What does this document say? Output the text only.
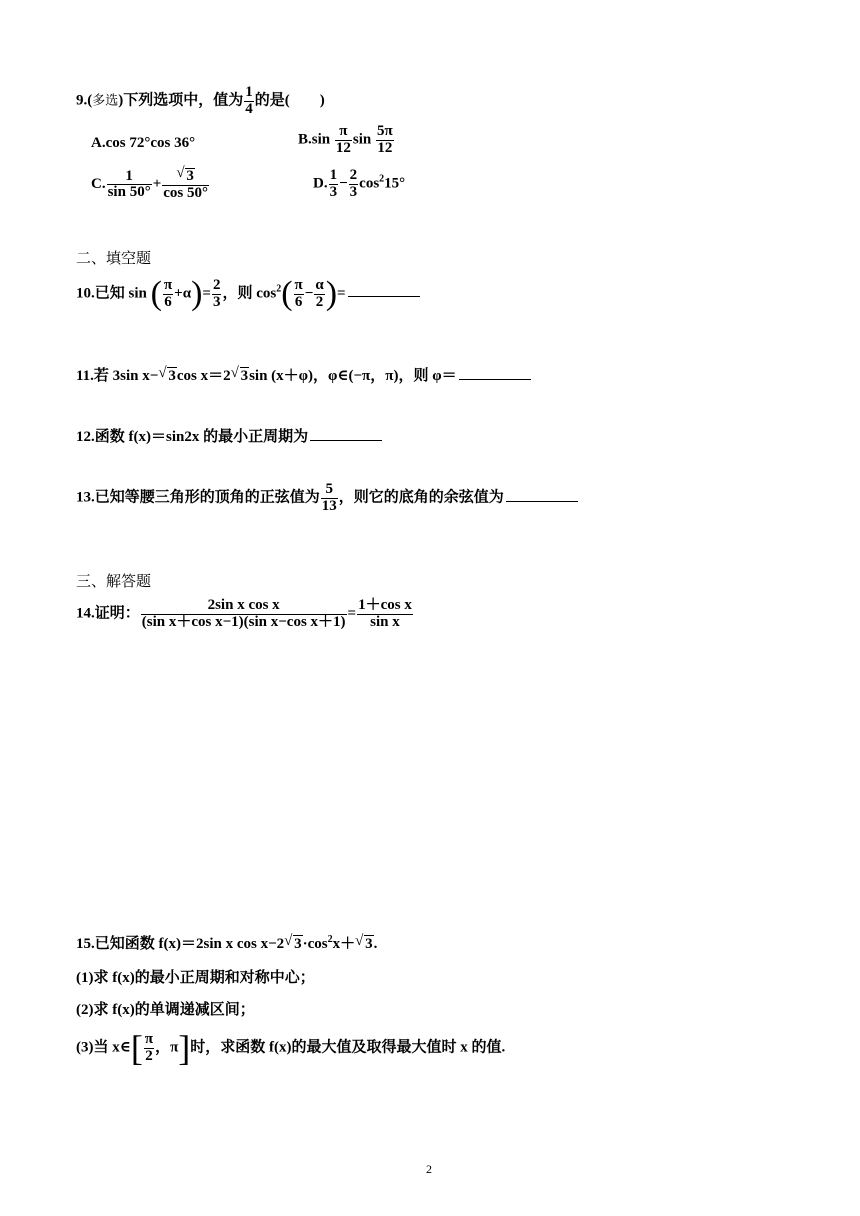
9.(多选)下列选项中，值为 $\frac{1}{4}$ 的是(　　)
A.cos 72°cos 36°	$B.\sin \frac{\pi}{12}$ $\sin \frac{5\pi}{12}$
C. $\frac{1}{\sin 50^\circ}$ +
√ $\frac{3}{\cos 50^\circ}$	D. $\frac{1}{3} - \frac{2}{3} \cos^215^\circ$
二、填空题
10.已知 sin ( $\frac{\pi}{6} +\alpha)= \frac{2}{3}$ ，则 $\cos^2( \frac{\pi}{6} - \frac{\alpha}{2}$ )=
11.若 3sin x−√ 3cos x＝2√ 3sin (x＋φ)，φ∈(−π，π)，则 φ＝
12.函数 f(x)＝sin2x 的最小正周期为
13.已知等腰三角形的顶角的正弦值为 $\frac{5}{13}$ ，则它的底角的余弦值为
三、解答题
14.证明： $\frac{\text{2sin x cos x}}{\text{(sin x＋cos x−1)(sin x−cos x＋1)}} = \frac{\text{1＋cos x}}{\text{sin x}}$
15.已知函数 f(x)＝2sin x cos x−2√ $3\cdot\cos^2x+√$ 3.
(1)求 f(x)的最小正周期和对称中心；
(2)求 f(x)的单调递减区间；
(3)当 x∈[ $\frac{\pi}{2}$ ，π]时，求函数 f(x)的最大值及取得最大值时 x 的值.
2
